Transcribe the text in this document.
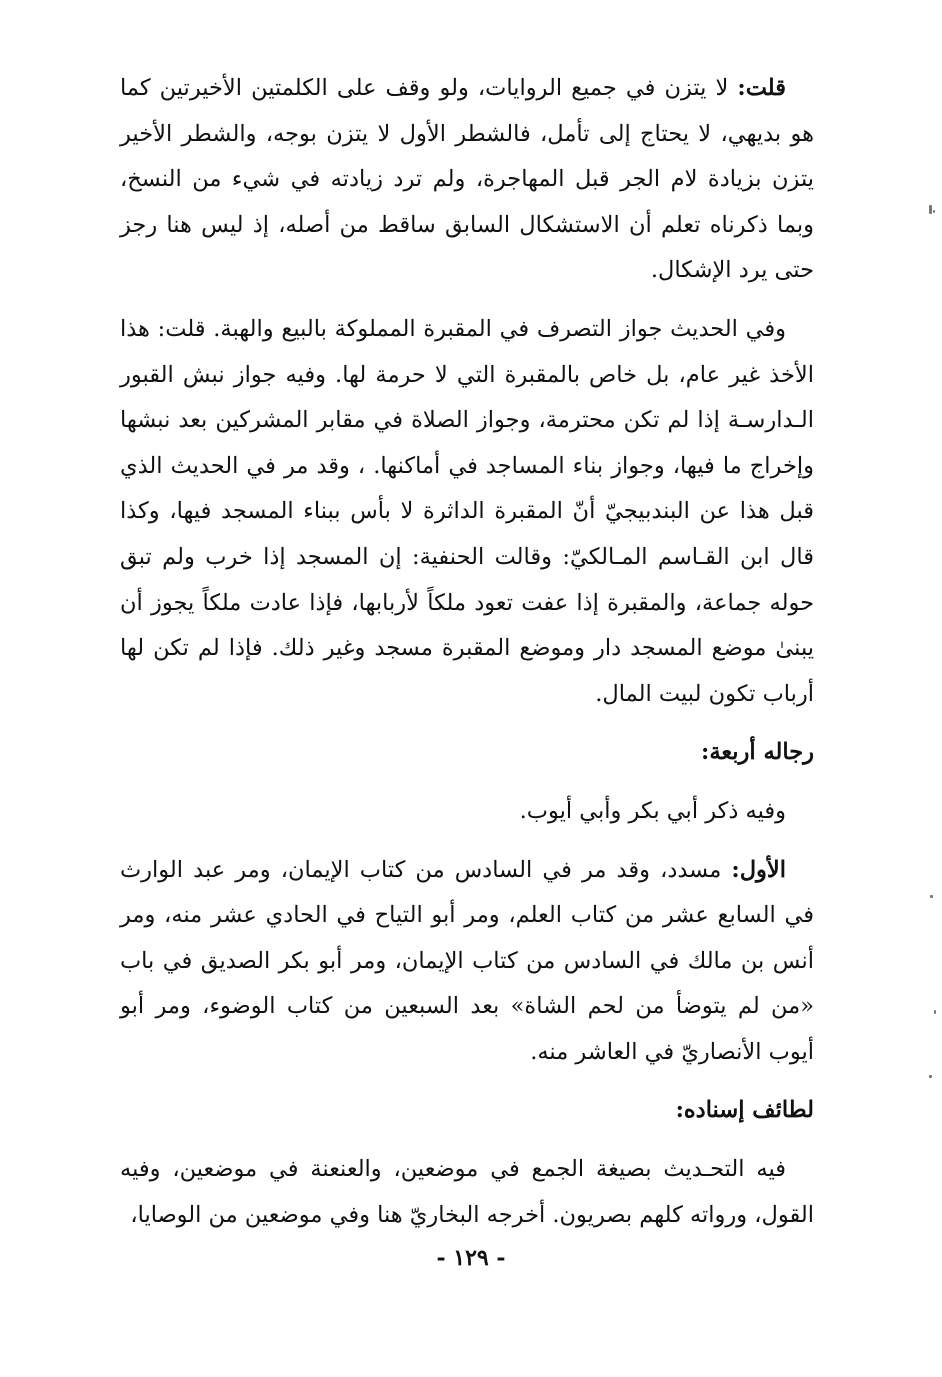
قلت: لا يتزن في جميع الروايات، ولو وقف على الكلمتين الأخيرتين كما هو بديهي، لا يحتاج إلى تأمل، فالشطر الأول لا يتزن بوجه، والشطر الأخير يتزن بزيادة لام الجر قبل المهاجرة، ولم ترد زيادته في شيء من النسخ، وبما ذكرناه تعلم أن الاستشكال السابق ساقط من أصله، إذ ليس هنا رجز حتى يرد الإشكال.

وفي الحديث جواز التصرف في المقبرة المملوكة بالبيع والهبة. قلت: هذا الأخذ غير عام، بل خاص بالمقبرة التي لا حرمة لها. وفيه جواز نبش القبور الـدارسـة إذا لم تكن محترمة، وجواز الصلاة في مقابر المشركين بعد نبشها وإخراج ما فيها، وجواز بناء المساجد في أماكنها. ، وقد مر في الحديث الذي قبل هذا عن البندبيجيّ أنّ المقبرة الداثرة لا بأس ببناء المسجد فيها، وكذا قال ابن القـاسم المـالكيّ: وقالت الحنفية: إن المسجد إذا خرب ولم تبق حوله جماعة، والمقبرة إذا عفت تعود ملكاً لأربابها، فإذا عادت ملكاً يجوز أن يبنىٰ موضع المسجد دار وموضع المقبرة مسجد وغير ذلك. فإذا لم تكن لها أرباب تكون لبيت المال.

رجاله أربعة:

وفيه ذكر أبي بكر وأبي أيوب.

الأول: مسدد، وقد مر في السادس من كتاب الإيمان، ومر عبد الوارث في السابع عشر من كتاب العلم، ومر أبو التياح في الحادي عشر منه، ومر أنس بن مالك في السادس من كتاب الإيمان، ومر أبو بكر الصديق في باب «من لم يتوضأ من لحم الشاة» بعد السبعين من كتاب الوضوء، ومر أبو أيوب الأنصاريّ في العاشر منه.

لطائف إسناده:

فيه التحـديث بصيغة الجمع في موضعين، والعنعنة في موضعين، وفيه القول، ورواته كلهم بصريون. أخرجه البخاريّ هنا وفي موضعين من الوصايا،

- ١٢٩ -
